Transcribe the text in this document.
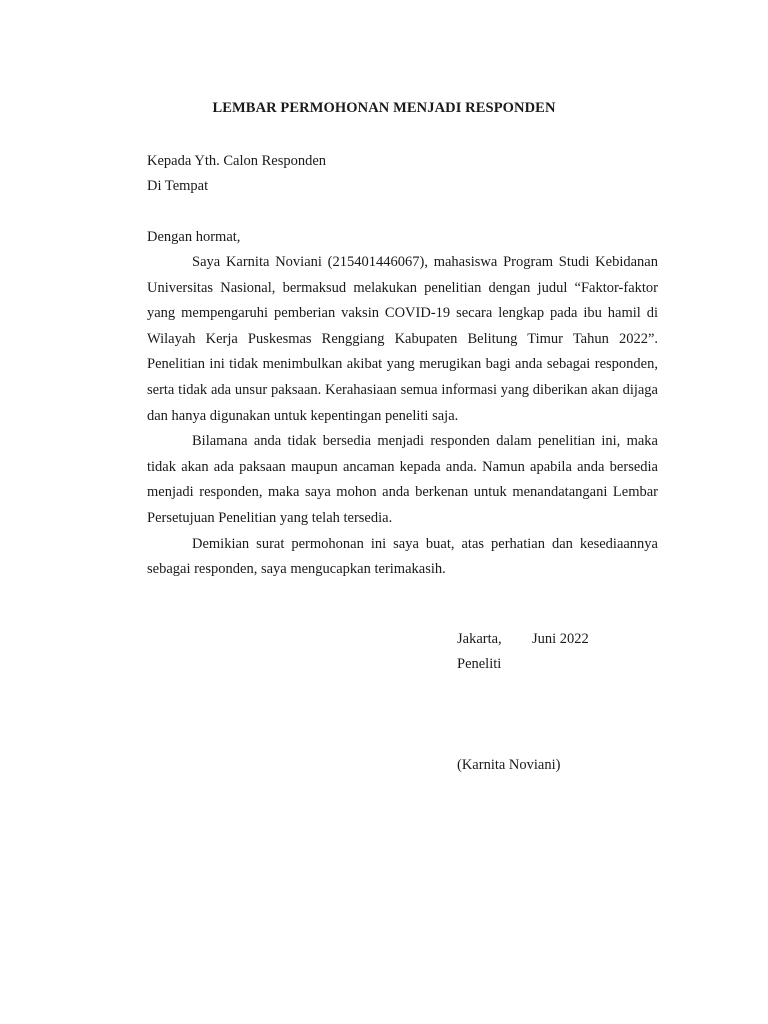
LEMBAR PERMOHONAN MENJADI RESPONDEN
Kepada Yth. Calon Responden
Di Tempat
Dengan hormat,

Saya Karnita Noviani (215401446067), mahasiswa Program Studi Kebidanan Universitas Nasional, bermaksud melakukan penelitian dengan judul “Faktor-faktor yang mempengaruhi pemberian vaksin COVID-19 secara lengkap pada ibu hamil di Wilayah Kerja Puskesmas Renggiang Kabupaten Belitung Timur Tahun 2022”. Penelitian ini tidak menimbulkan akibat yang merugikan bagi anda sebagai responden, serta tidak ada unsur paksaan. Kerahasiaan semua informasi yang diberikan akan dijaga dan hanya digunakan untuk kepentingan peneliti saja.

Bilamana anda tidak bersedia menjadi responden dalam penelitian ini, maka tidak akan ada paksaan maupun ancaman kepada anda. Namun apabila anda bersedia menjadi responden, maka saya mohon anda berkenan untuk menandatangani Lembar Persetujuan Penelitian yang telah tersedia.

Demikian surat permohonan ini saya buat, atas perhatian dan kesediaannya sebagai responden, saya mengucapkan terimakasih.

Jakarta, Juni 2022
Peneliti
(Karnita Noviani)
